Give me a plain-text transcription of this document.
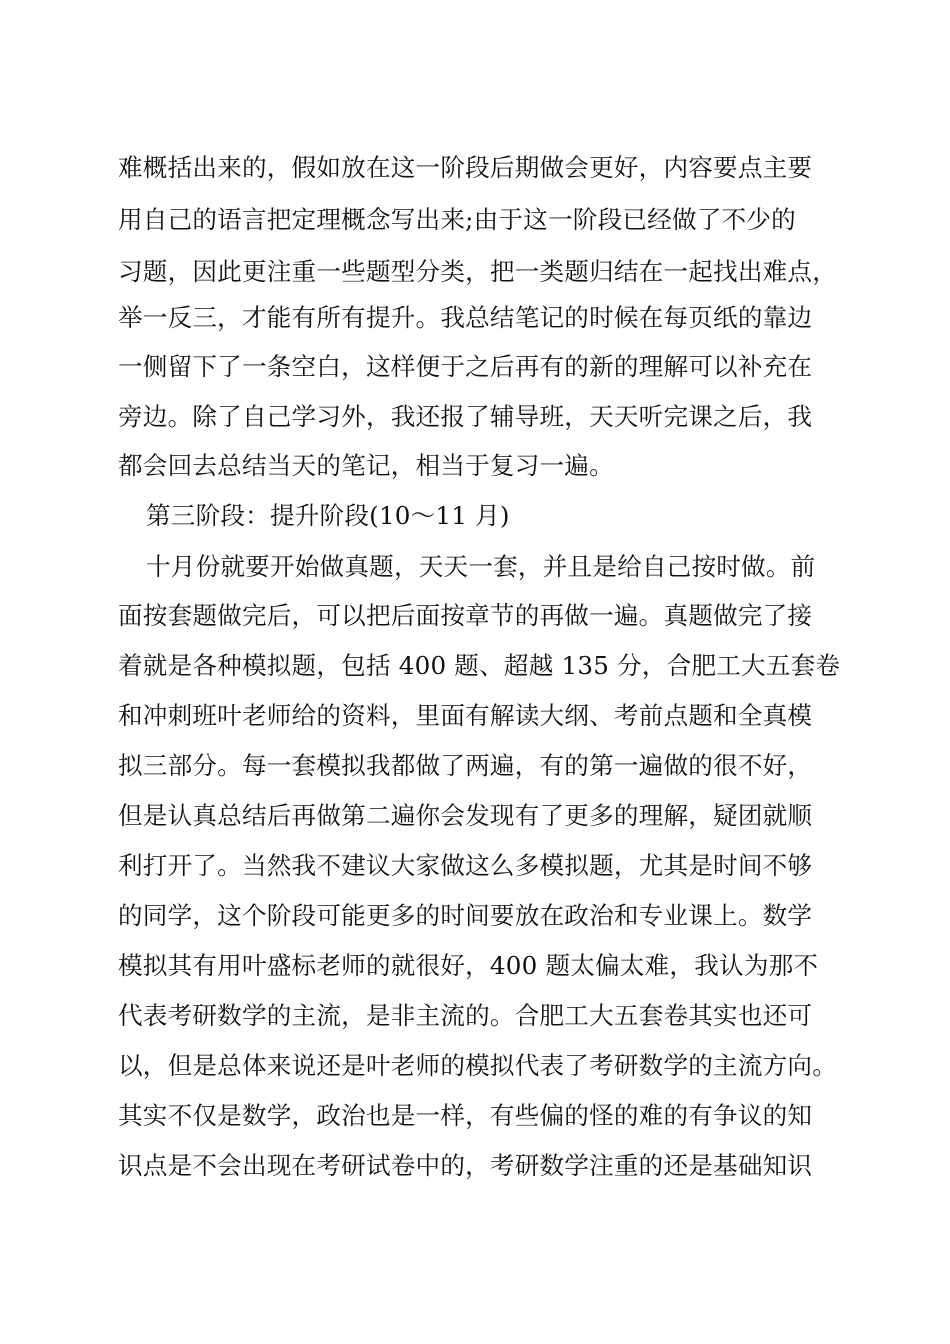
难概括出来的，假如放在这一阶段后期做会更好，内容要点主要
用自己的语言把定理概念写出来;由于这一阶段已经做了不少的
习题，因此更注重一些题型分类，把一类题归结在一起找出难点，
举一反三，才能有所有提升。我总结笔记的时候在每页纸的靠边
一侧留下了一条空白，这样便于之后再有的新的理解可以补充在
旁边。除了自己学习外，我还报了辅导班，天天听完课之后，我
都会回去总结当天的笔记，相当于复习一遍。
第三阶段：提升阶段(10～11 月)
十月份就要开始做真题，天天一套，并且是给自己按时做。前
面按套题做完后，可以把后面按章节的再做一遍。真题做完了接
着就是各种模拟题，包括 400 题、超越 135 分，合肥工大五套卷
和冲刺班叶老师给的资料，里面有解读大纲、考前点题和全真模
拟三部分。每一套模拟我都做了两遍，有的第一遍做的很不好，
但是认真总结后再做第二遍你会发现有了更多的理解，疑团就顺
利打开了。当然我不建议大家做这么多模拟题，尤其是时间不够
的同学，这个阶段可能更多的时间要放在政治和专业课上。数学
模拟其有用叶盛标老师的就很好，400 题太偏太难，我认为那不
代表考研数学的主流，是非主流的。合肥工大五套卷其实也还可
以，但是总体来说还是叶老师的模拟代表了考研数学的主流方向。
其实不仅是数学，政治也是一样，有些偏的怪的难的有争议的知
识点是不会出现在考研试卷中的，考研数学注重的还是基础知识
